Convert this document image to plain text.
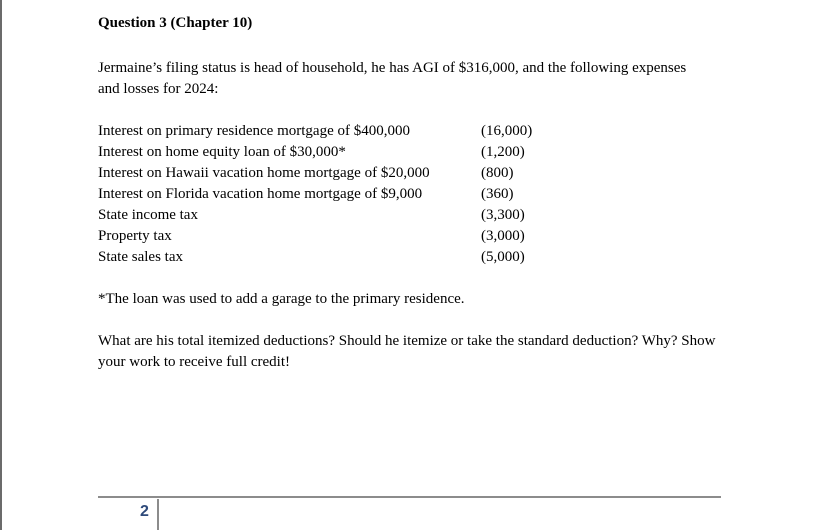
Question 3 (Chapter 10)
Jermaine’s filing status is head of household, he has AGI of $316,000, and the following expenses and losses for 2024:
Interest on primary residence mortgage of $400,000	(16,000)
Interest on home equity loan of $30,000*	(1,200)
Interest on Hawaii vacation home mortgage of $20,000	(800)
Interest on Florida vacation home mortgage of $9,000	(360)
State income tax	(3,300)
Property tax	(3,000)
State sales tax	(5,000)
*The loan was used to add a garage to the primary residence.
What are his total itemized deductions? Should he itemize or take the standard deduction? Why? Show your work to receive full credit!
2
